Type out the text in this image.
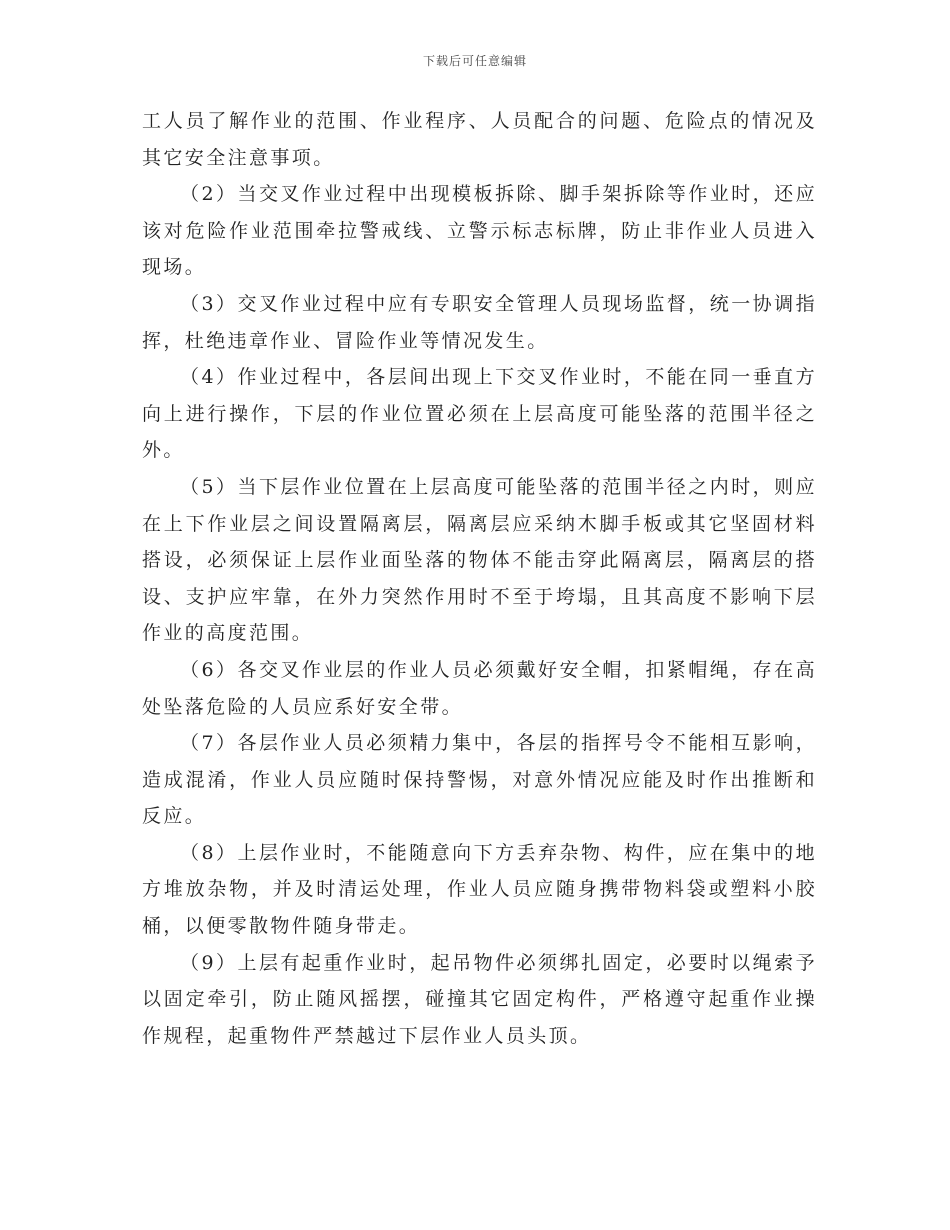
下载后可任意编辑

工人员了解作业的范围、作业程序、人员配合的问题、危险点的情况及其它安全注意事项。

（2）当交叉作业过程中出现模板拆除、脚手架拆除等作业时，还应该对危险作业范围牵拉警戒线、立警示标志标牌，防止非作业人员进入现场。

（3）交叉作业过程中应有专职安全管理人员现场监督，统一协调指挥，杜绝违章作业、冒险作业等情况发生。

（4）作业过程中，各层间出现上下交叉作业时，不能在同一垂直方向上进行操作，下层的作业位置必须在上层高度可能坠落的范围半径之外。

（5）当下层作业位置在上层高度可能坠落的范围半径之内时，则应在上下作业层之间设置隔离层，隔离层应采纳木脚手板或其它坚固材料搭设，必须保证上层作业面坠落的物体不能击穿此隔离层，隔离层的搭设、支护应牢靠，在外力突然作用时不至于垮塌，且其高度不影响下层作业的高度范围。

（6）各交叉作业层的作业人员必须戴好安全帽，扣紧帽绳，存在高处坠落危险的人员应系好安全带。

（7）各层作业人员必须精力集中，各层的指挥号令不能相互影响，造成混淆，作业人员应随时保持警惕，对意外情况应能及时作出推断和反应。

（8）上层作业时，不能随意向下方丢弃杂物、构件，应在集中的地方堆放杂物，并及时清运处理，作业人员应随身携带物料袋或塑料小胶桶，以便零散物件随身带走。

（9）上层有起重作业时，起吊物件必须绑扎固定，必要时以绳索予以固定牵引，防止随风摇摆，碰撞其它固定构件，严格遵守起重作业操作规程，起重物件严禁越过下层作业人员头顶。
